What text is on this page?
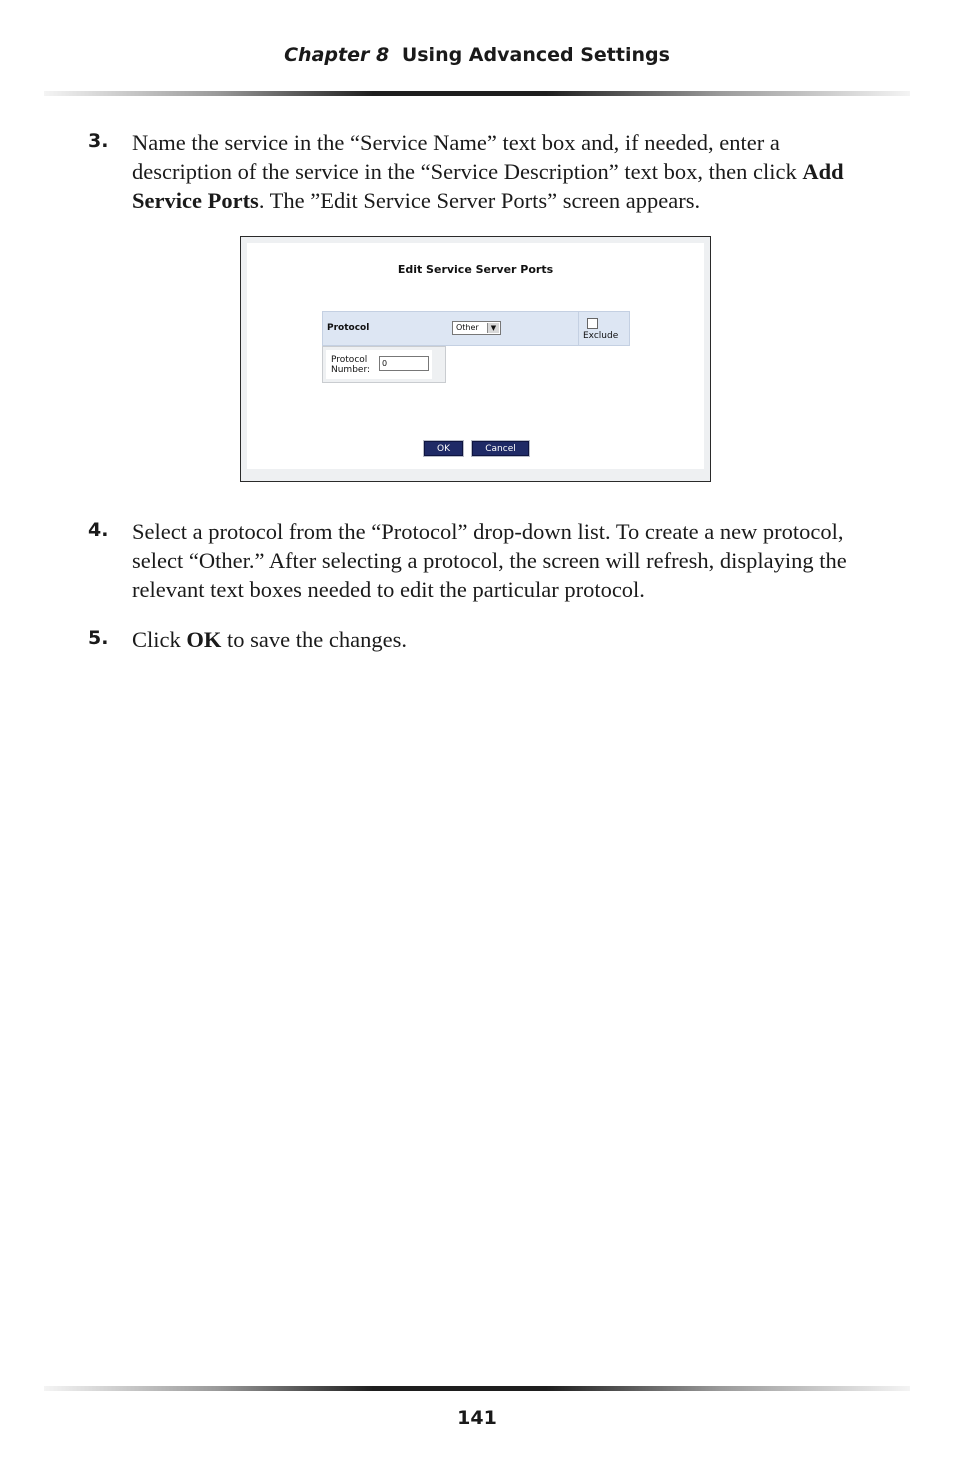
Chapter 8 Using Advanced Settings
3. Name the service in the “Service Name” text box and, if needed, enter a description of the service in the “Service Description” text box, then click Add Service Ports. The ”Edit Service Server Ports” screen appears.
Edit Service Server Ports
Protocol	Other	▼
Exclude
Protocol Number:
0
OK	Cancel
4. Select a protocol from the “Protocol” drop-down list. To create a new protocol, select “Other.” After selecting a protocol, the screen will refresh, displaying the relevant text boxes needed to edit the particular protocol.
5. Click OK to save the changes.
141
